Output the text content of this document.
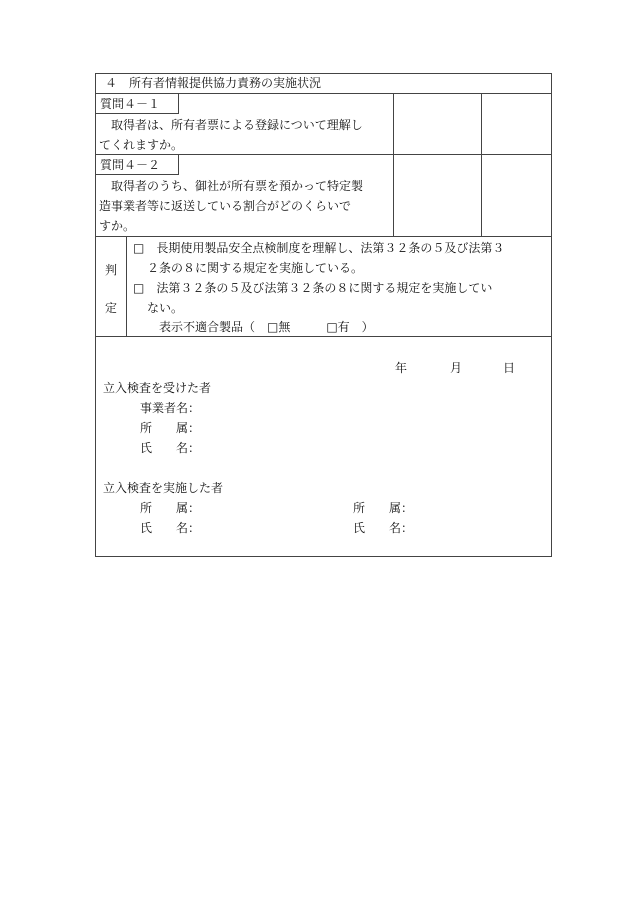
４　所有者情報提供協力責務の実施状況
質問４－１
　取得者は、所有者票による登録について理解し
てくれますか。
質問４－２
　取得者のうち、御社が所有票を預かって特定製
造事業者等に返送している割合がどのくらいで
すか。
判
定
□　長期使用製品安全点検制度を理解し、法第３２条の５及び法第３
２条の８に関する規定を実施している。
□　法第３２条の５及び法第３２条の８に関する規定を実施してい
ない。
表示不適合製品（　□無　　　□有　）
年	月	日
立入検査を受けた者
事業者名：
所　　属：
氏　　名：
立入検査を実施した者
所　　属：
氏　　名：
所　　属：
氏　　名：
